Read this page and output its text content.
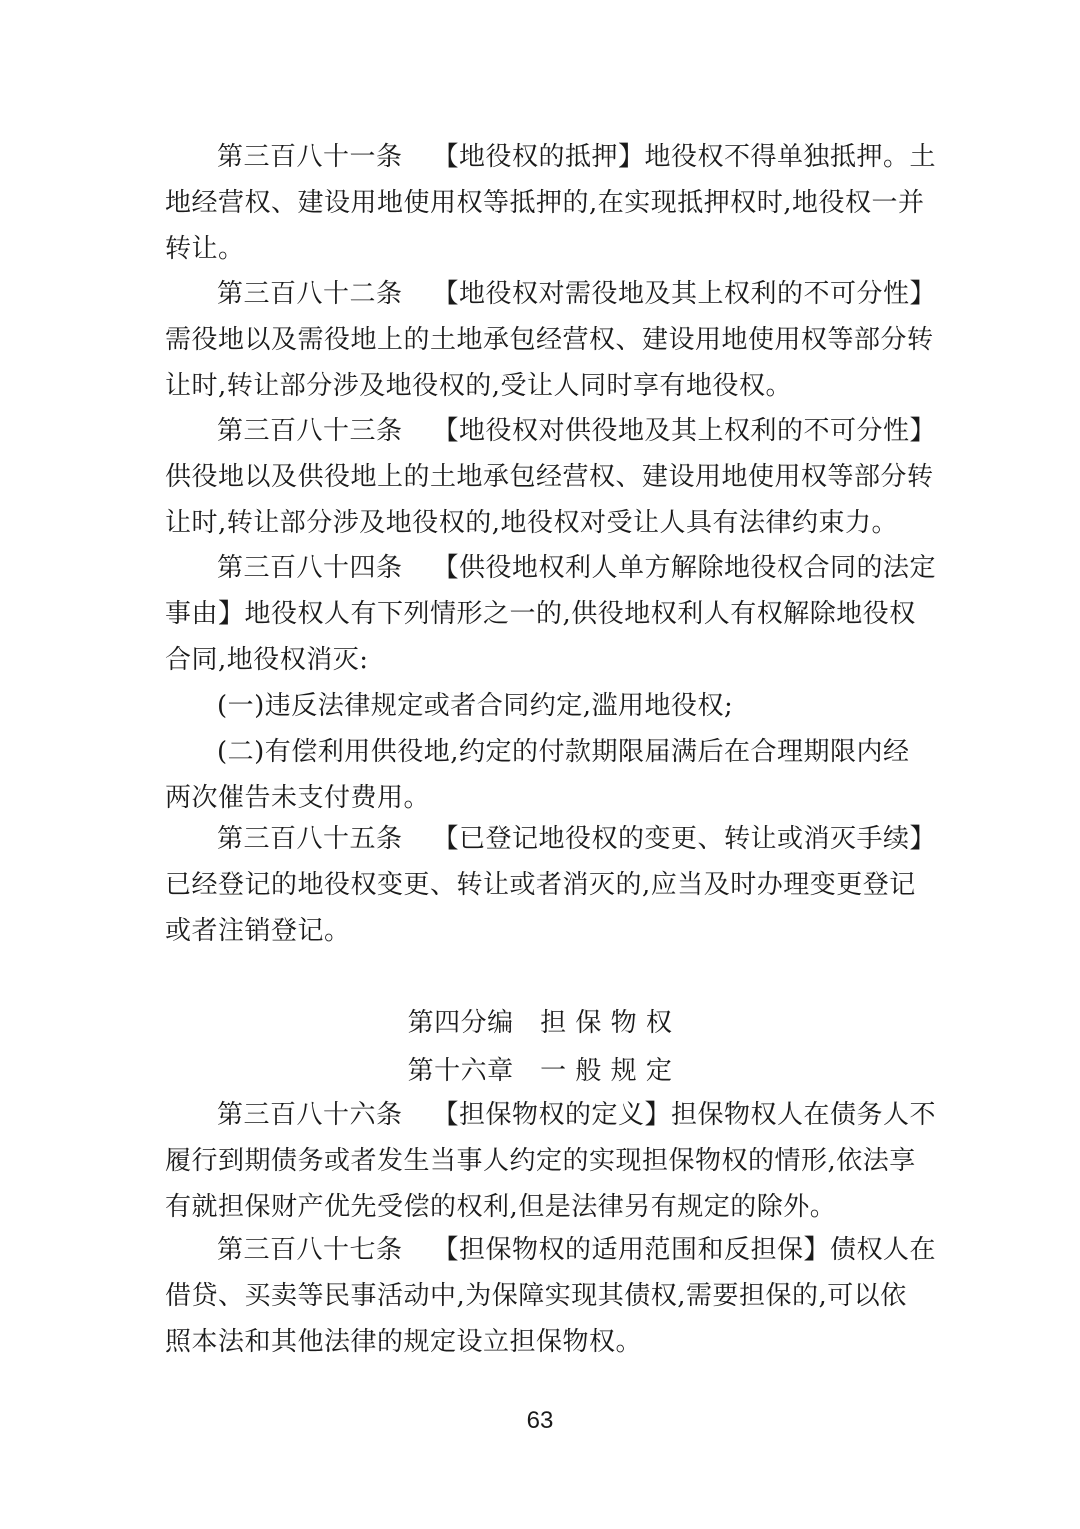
第三百八十一条 【地役权的抵押】地役权不得单独抵押。土
地经营权、建设用地使用权等抵押的,在实现抵押权时,地役权一并
转让。
第三百八十二条 【地役权对需役地及其上权利的不可分性】
需役地以及需役地上的土地承包经营权、建设用地使用权等部分转
让时,转让部分涉及地役权的,受让人同时享有地役权。
第三百八十三条 【地役权对供役地及其上权利的不可分性】
供役地以及供役地上的土地承包经营权、建设用地使用权等部分转
让时,转让部分涉及地役权的,地役权对受让人具有法律约束力。
第三百八十四条 【供役地权利人单方解除地役权合同的法定
事由】地役权人有下列情形之一的,供役地权利人有权解除地役权
合同,地役权消灭:
(一)违反法律规定或者合同约定,滥用地役权;
(二)有偿利用供役地,约定的付款期限届满后在合理期限内经
两次催告未支付费用。
第三百八十五条 【已登记地役权的变更、转让或消灭手续】
已经登记的地役权变更、转让或者消灭的,应当及时办理变更登记
或者注销登记。
第四分编　担 保 物 权
第十六章　一 般 规 定
第三百八十六条 【担保物权的定义】担保物权人在债务人不
履行到期债务或者发生当事人约定的实现担保物权的情形,依法享
有就担保财产优先受偿的权利,但是法律另有规定的除外。
第三百八十七条 【担保物权的适用范围和反担保】债权人在
借贷、买卖等民事活动中,为保障实现其债权,需要担保的,可以依
照本法和其他法律的规定设立担保物权。
63
